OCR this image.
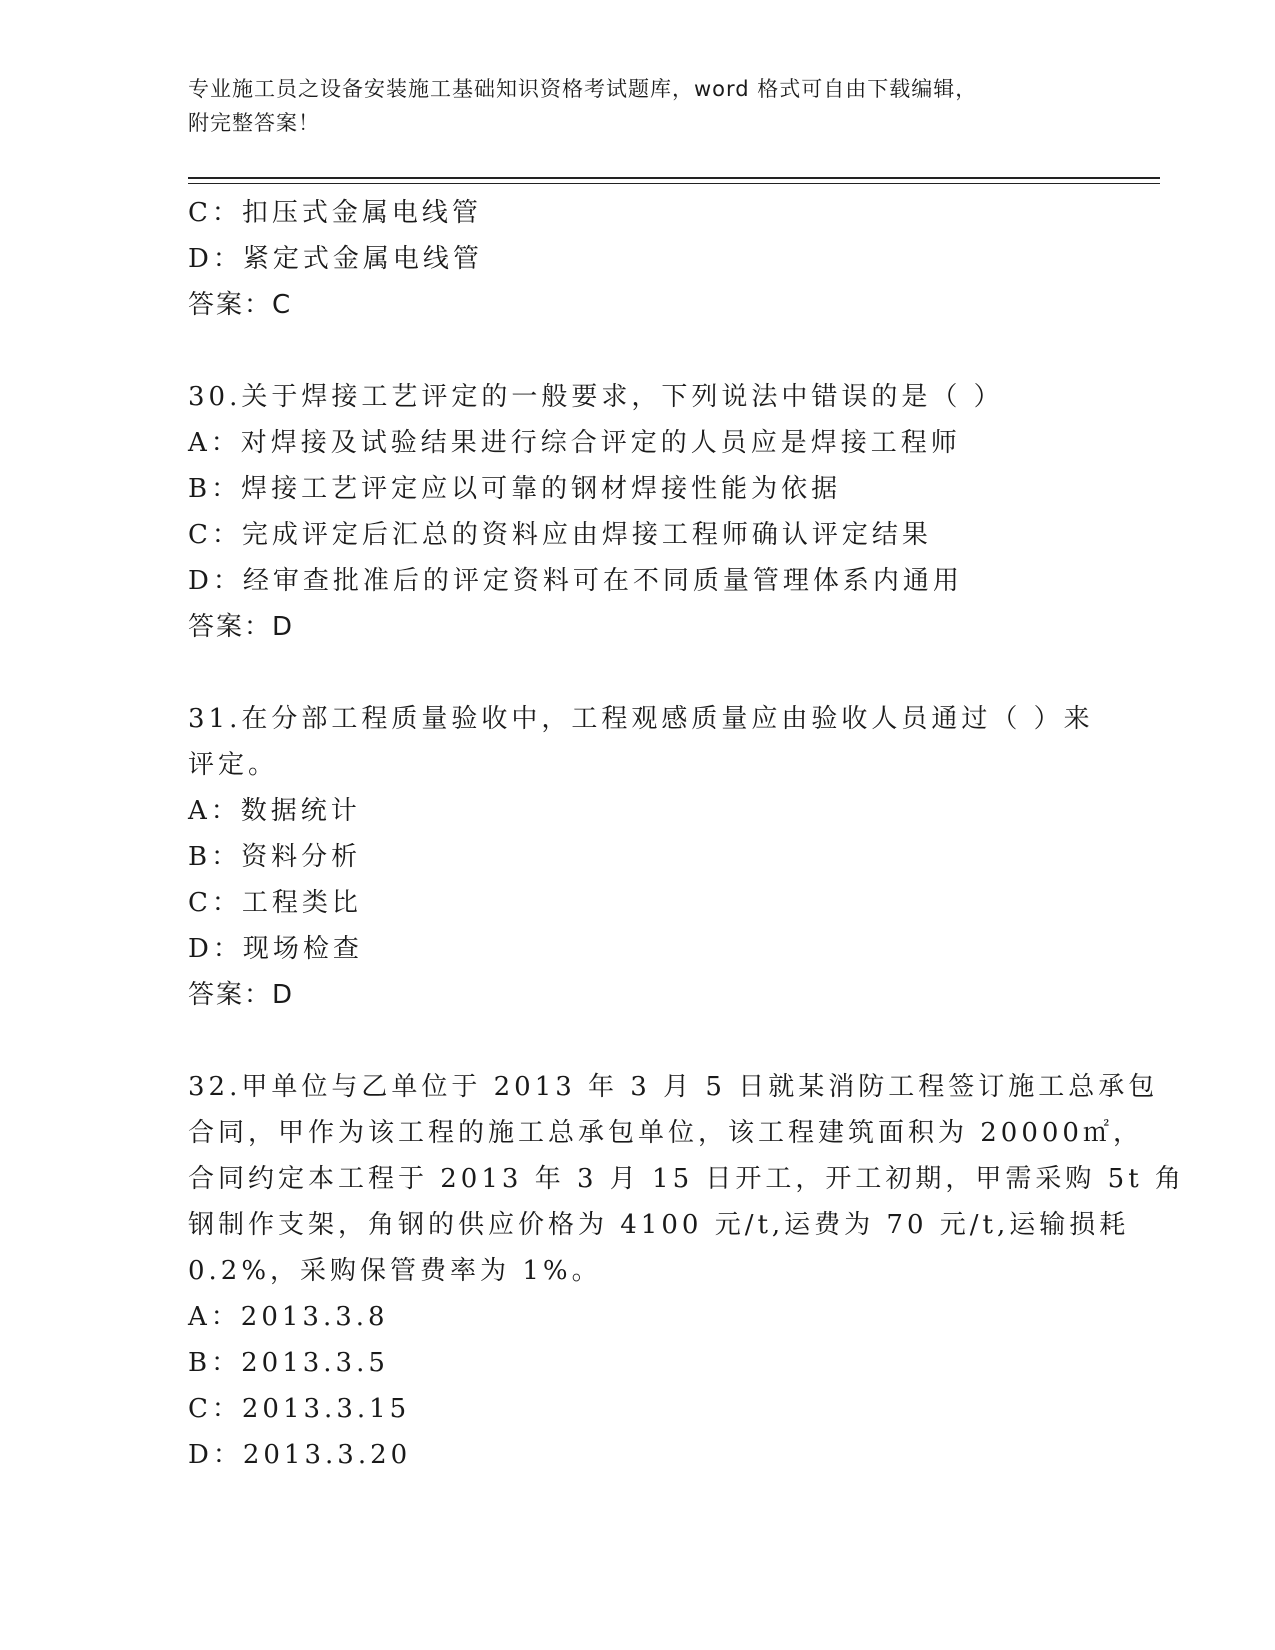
专业施工员之设备安装施工基础知识资格考试题库，word 格式可自由下载编辑，
附完整答案！
C：扣压式金属电线管
D：紧定式金属电线管
答案：C
30.关于焊接工艺评定的一般要求，下列说法中错误的是（ ）
A：对焊接及试验结果进行综合评定的人员应是焊接工程师
B：焊接工艺评定应以可靠的钢材焊接性能为依据
C：完成评定后汇总的资料应由焊接工程师确认评定结果
D：经审查批准后的评定资料可在不同质量管理体系内通用
答案：D
31.在分部工程质量验收中，工程观感质量应由验收人员通过（ ）来
评定。
A：数据统计
B：资料分析
C：工程类比
D：现场检查
答案：D
32.甲单位与乙单位于 2013 年 3 月 5 日就某消防工程签订施工总承包
合同，甲作为该工程的施工总承包单位，该工程建筑面积为 20000㎡，
合同约定本工程于 2013 年 3 月 15 日开工，开工初期，甲需采购 5t 角
钢制作支架，角钢的供应价格为 4100 元/t,运费为 70 元/t,运输损耗
0.2%，采购保管费率为 1%。
A：2013.3.8
B：2013.3.5
C：2013.3.15
D：2013.3.20
